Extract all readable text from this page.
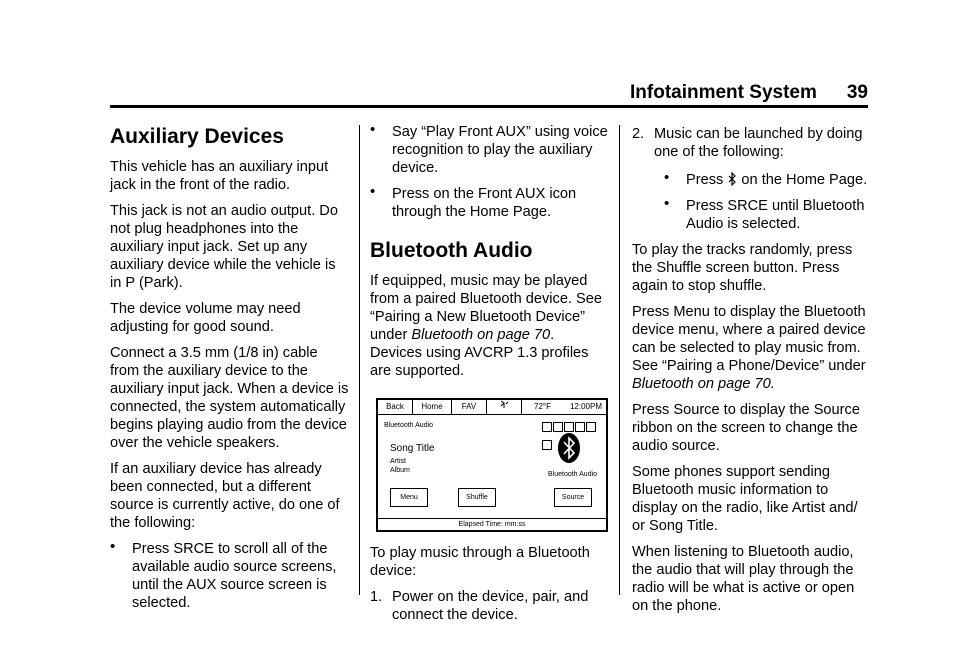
Infotainment System 39
Auxiliary Devices

This vehicle has an auxiliary input jack in the front of the radio.

This jack is not an audio output. Do not plug headphones into the auxiliary input jack. Set up any auxiliary device while the vehicle is in P (Park).

The device volume may need adjusting for good sound.

Connect a 3.5 mm (1/8 in) cable from the auxiliary device to the auxiliary input jack. When a device is connected, the system automatically begins playing audio from the device over the vehicle speakers.

If an auxiliary device has already been connected, but a different source is currently active, do one of the following:

• Press SRCE to scroll all of the available audio source screens, until the AUX source screen is selected.
• Say “Play Front AUX” using voice recognition to play the auxiliary device.
• Press on the Front AUX icon through the Home Page.
Bluetooth Audio

If equipped, music may be played from a paired Bluetooth device. See “Pairing a New Bluetooth Device” under Bluetooth on page 70. Devices using AVCRP 1.3 profiles are supported.

Back	Home	FAV	72°F 12:00PM
Bluetooth Audio
Song Title
Artist
Album
Bluetooth Audio
Menu	Shuffle	Source
Elapsed Time: mm:ss

To play music through a Bluetooth device:

1. Power on the device, pair, and connect the device.
2. Music can be launched by doing one of the following:
• Press  on the Home Page.
• Press SRCE until Bluetooth Audio is selected.

To play the tracks randomly, press the Shuffle screen button. Press again to stop shuffle.

Press Menu to display the Bluetooth device menu, where a paired device can be selected to play music from. See “Pairing a Phone/Device” under Bluetooth on page 70.

Press Source to display the Source ribbon on the screen to change the audio source.

Some phones support sending Bluetooth music information to display on the radio, like Artist and/ or Song Title.

When listening to Bluetooth audio, the audio that will play through the radio will be what is active or open on the phone.
